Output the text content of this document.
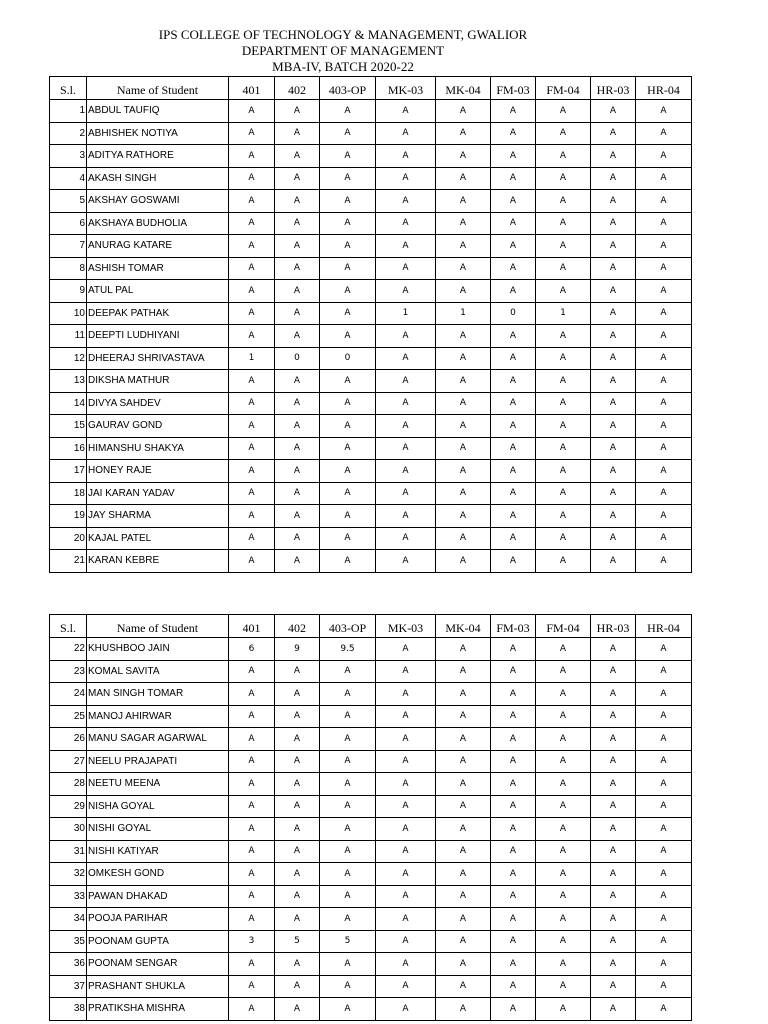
IPS COLLEGE OF TECHNOLOGY & MANAGEMENT, GWALIOR
DEPARTMENT OF MANAGEMENT
MBA-IV, BATCH 2020-22
S.l.	Name of Student	401	402	403-OP	MK-03	MK-04	FM-03	FM-04	HR-03	HR-04
1	ABDUL TAUFIQ	A	A	A	A	A	A	A	A	A
2	ABHISHEK NOTIYA	A	A	A	A	A	A	A	A	A
3	ADITYA RATHORE	A	A	A	A	A	A	A	A	A
4	AKASH SINGH	A	A	A	A	A	A	A	A	A
5	AKSHAY GOSWAMI	A	A	A	A	A	A	A	A	A
6	AKSHAYA BUDHOLIA	A	A	A	A	A	A	A	A	A
7	ANURAG KATARE	A	A	A	A	A	A	A	A	A
8	ASHISH TOMAR	A	A	A	A	A	A	A	A	A
9	ATUL PAL	A	A	A	A	A	A	A	A	A
10	DEEPAK PATHAK	A	A	A	1	1	0	1	A	A
11	DEEPTI LUDHIYANI	A	A	A	A	A	A	A	A	A
12	DHEERAJ SHRIVASTAVA	1	0	0	A	A	A	A	A	A
13	DIKSHA MATHUR	A	A	A	A	A	A	A	A	A
14	DIVYA SAHDEV	A	A	A	A	A	A	A	A	A
15	GAURAV GOND	A	A	A	A	A	A	A	A	A
16	HIMANSHU SHAKYA	A	A	A	A	A	A	A	A	A
17	HONEY RAJE	A	A	A	A	A	A	A	A	A
18	JAI KARAN YADAV	A	A	A	A	A	A	A	A	A
19	JAY SHARMA	A	A	A	A	A	A	A	A	A
20	KAJAL PATEL	A	A	A	A	A	A	A	A	A
21	KARAN KEBRE	A	A	A	A	A	A	A	A	A
S.l.	Name of Student	401	402	403-OP	MK-03	MK-04	FM-03	FM-04	HR-03	HR-04
22	KHUSHBOO JAIN	6	9	9.5	A	A	A	A	A	A
23	KOMAL SAVITA	A	A	A	A	A	A	A	A	A
24	MAN SINGH TOMAR	A	A	A	A	A	A	A	A	A
25	MANOJ AHIRWAR	A	A	A	A	A	A	A	A	A
26	MANU SAGAR AGARWAL	A	A	A	A	A	A	A	A	A
27	NEELU PRAJAPATI	A	A	A	A	A	A	A	A	A
28	NEETU MEENA	A	A	A	A	A	A	A	A	A
29	NISHA GOYAL	A	A	A	A	A	A	A	A	A
30	NISHI GOYAL	A	A	A	A	A	A	A	A	A
31	NISHI KATIYAR	A	A	A	A	A	A	A	A	A
32	OMKESH GOND	A	A	A	A	A	A	A	A	A
33	PAWAN DHAKAD	A	A	A	A	A	A	A	A	A
34	POOJA PARIHAR	A	A	A	A	A	A	A	A	A
35	POONAM GUPTA	3	5	5	A	A	A	A	A	A
36	POONAM SENGAR	A	A	A	A	A	A	A	A	A
37	PRASHANT SHUKLA	A	A	A	A	A	A	A	A	A
38	PRATIKSHA MISHRA	A	A	A	A	A	A	A	A	A
